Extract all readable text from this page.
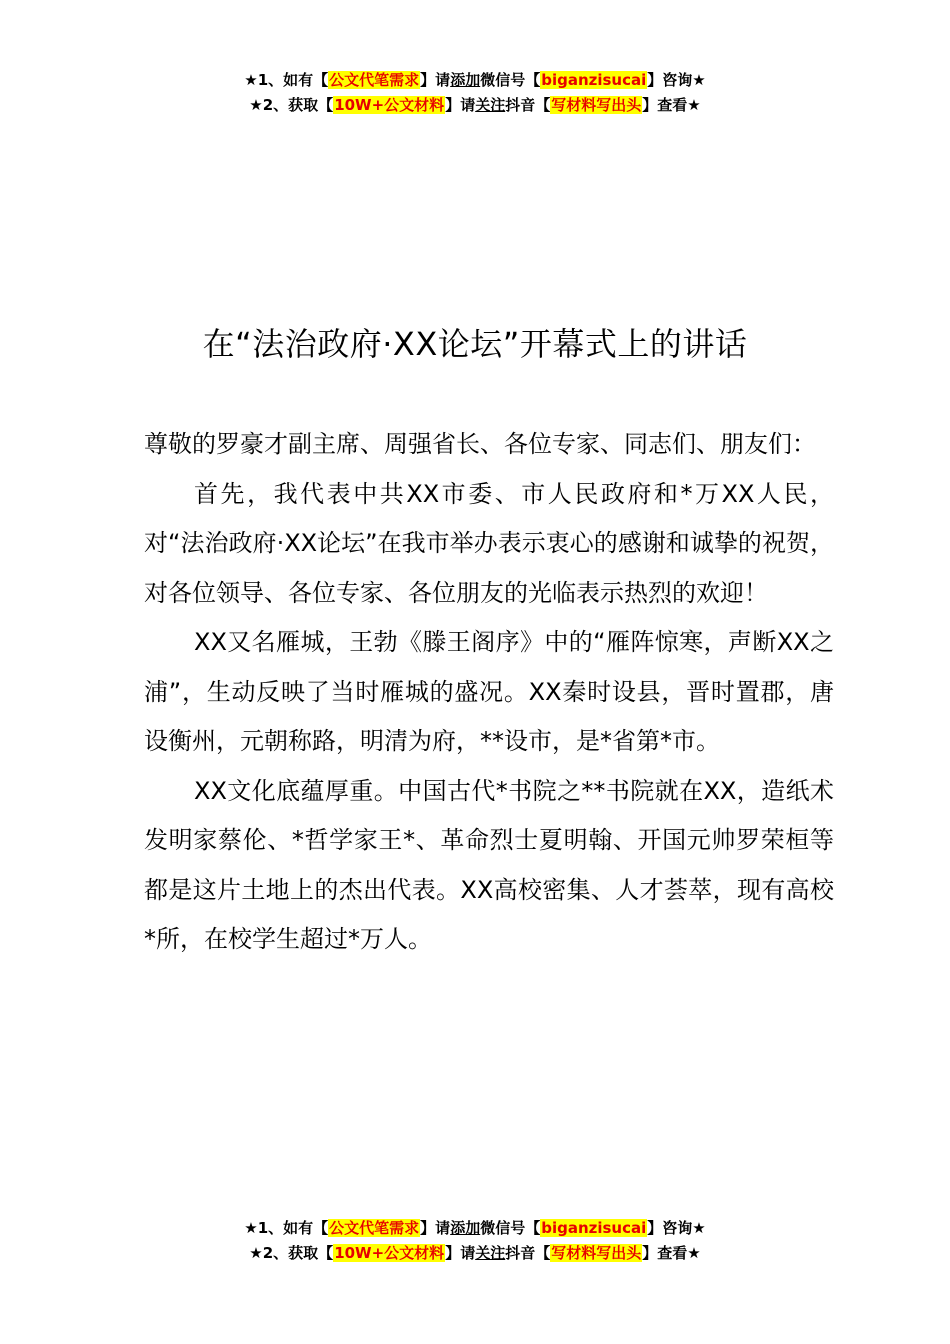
★1、如有【公文代笔需求】请添加微信号【biganzisucai】咨询★
★2、获取【10W+公文材料】请关注抖音【写材料写出头】查看★
在“法治政府·XX论坛”开幕式上的讲话

尊敬的罗豪才副主席、周强省长、各位专家、同志们、朋友们：

首先，我代表中共XX市委、市人民政府和*万XX人民，对“法治政府·XX论坛”在我市举办表示衷心的感谢和诚挚的祝贺，对各位领导、各位专家、各位朋友的光临表示热烈的欢迎！

XX又名雁城，王勃《滕王阁序》中的“雁阵惊寒，声断XX之浦”，生动反映了当时雁城的盛况。XX秦时设县，晋时置郡，唐设衡州，元朝称路，明清为府，**设市，是*省第*市。

XX文化底蕴厚重。中国古代*书院之**书院就在XX，造纸术发明家蔡伦、*哲学家王*、革命烈士夏明翰、开国元帅罗荣桓等都是这片土地上的杰出代表。XX高校密集、人才荟萃，现有高校*所，在校学生超过*万人。

★1、如有【公文代笔需求】请添加微信号【biganzisucai】咨询★
★2、获取【10W+公文材料】请关注抖音【写材料写出头】查看★
